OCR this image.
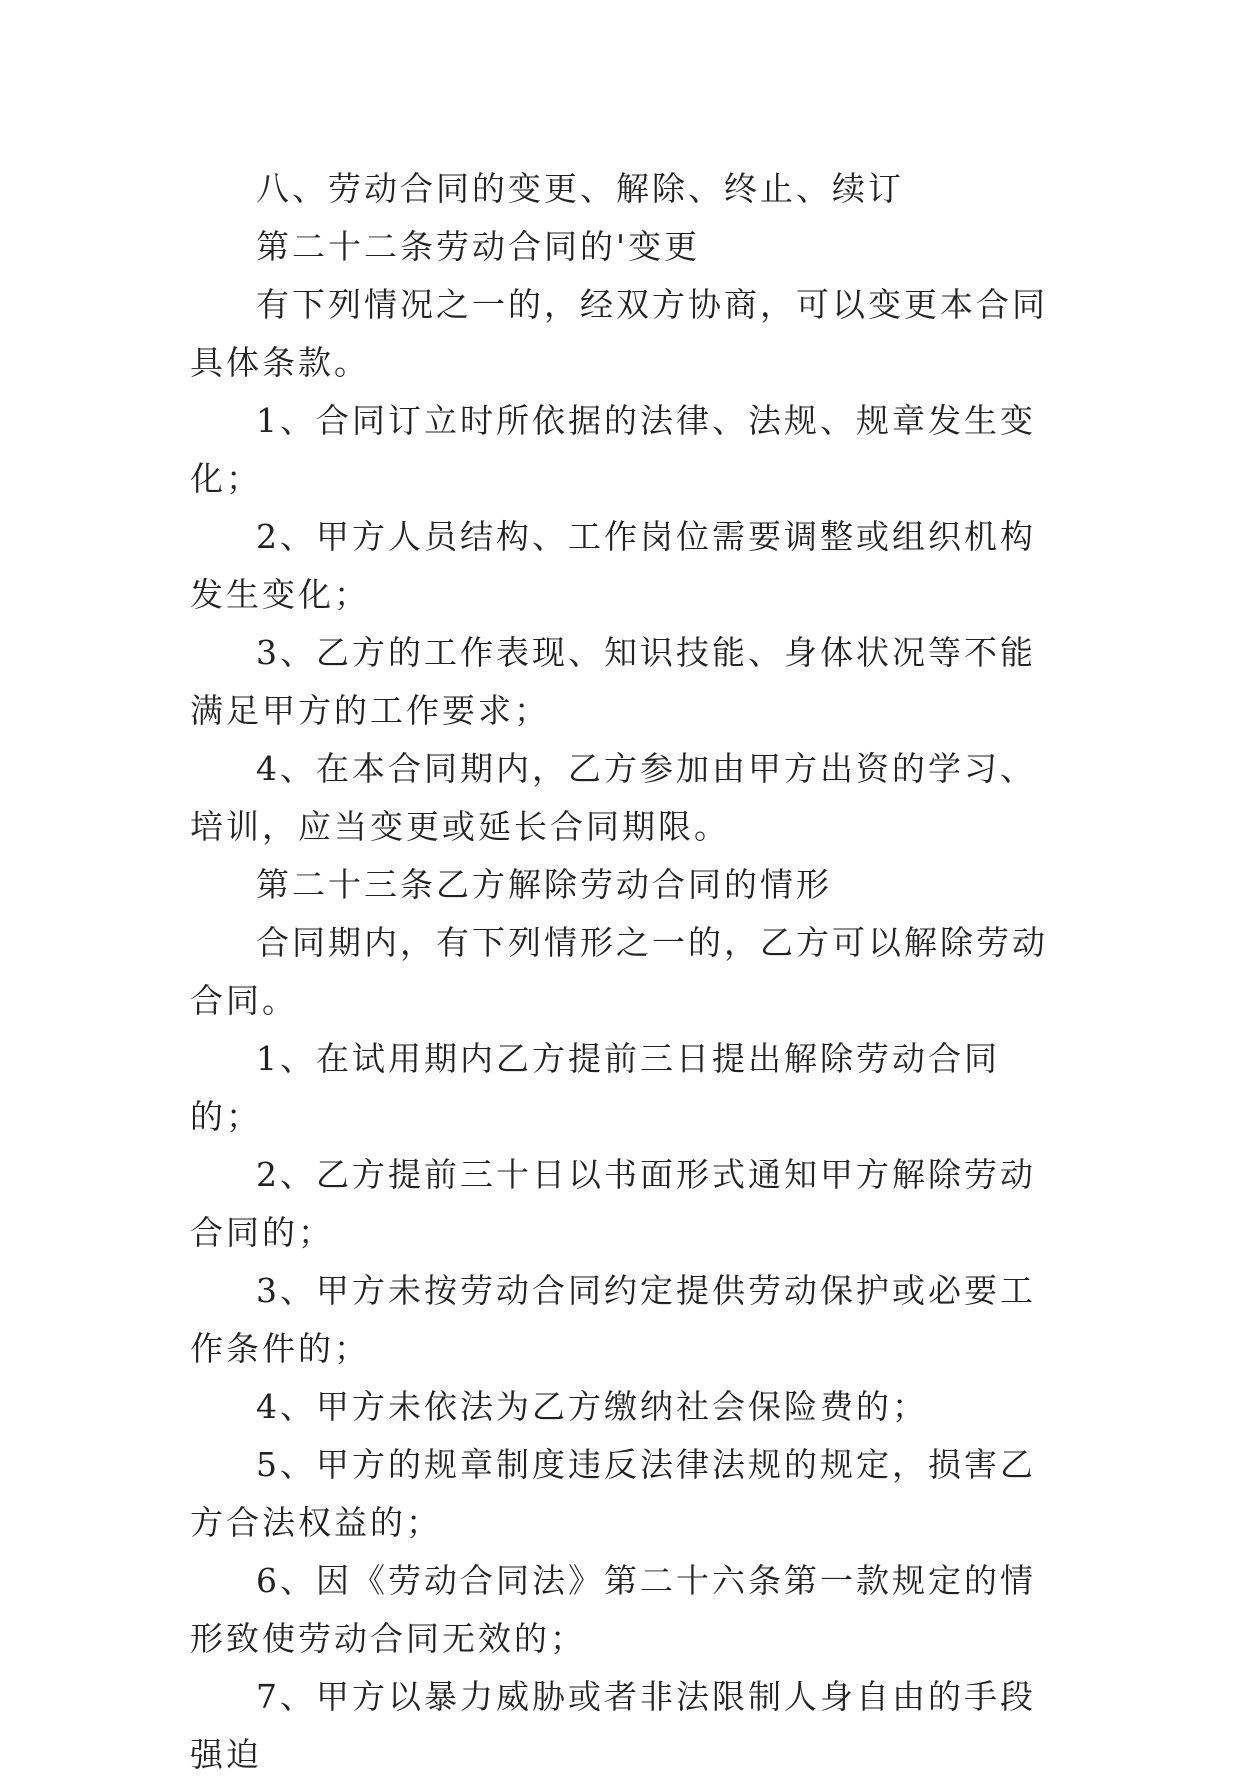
八、劳动合同的变更、解除、终止、续订

第二十二条劳动合同的'变更

有下列情况之一的，经双方协商，可以变更本合同具体条款。

1、合同订立时所依据的法律、法规、规章发生变化；

2、甲方人员结构、工作岗位需要调整或组织机构发生变化；

3、乙方的工作表现、知识技能、身体状况等不能满足甲方的工作要求；

4、在本合同期内，乙方参加由甲方出资的学习、培训，应当变更或延长合同期限。

第二十三条乙方解除劳动合同的情形

合同期内，有下列情形之一的，乙方可以解除劳动合同。

1、在试用期内乙方提前三日提出解除劳动合同的；

2、乙方提前三十日以书面形式通知甲方解除劳动合同的；

3、甲方未按劳动合同约定提供劳动保护或必要工作条件的；

4、甲方未依法为乙方缴纳社会保险费的；

5、甲方的规章制度违反法律法规的规定，损害乙方合法权益的；

6、因《劳动合同法》第二十六条第一款规定的情形致使劳动合同无效的；

7、甲方以暴力威胁或者非法限制人身自由的手段强迫
